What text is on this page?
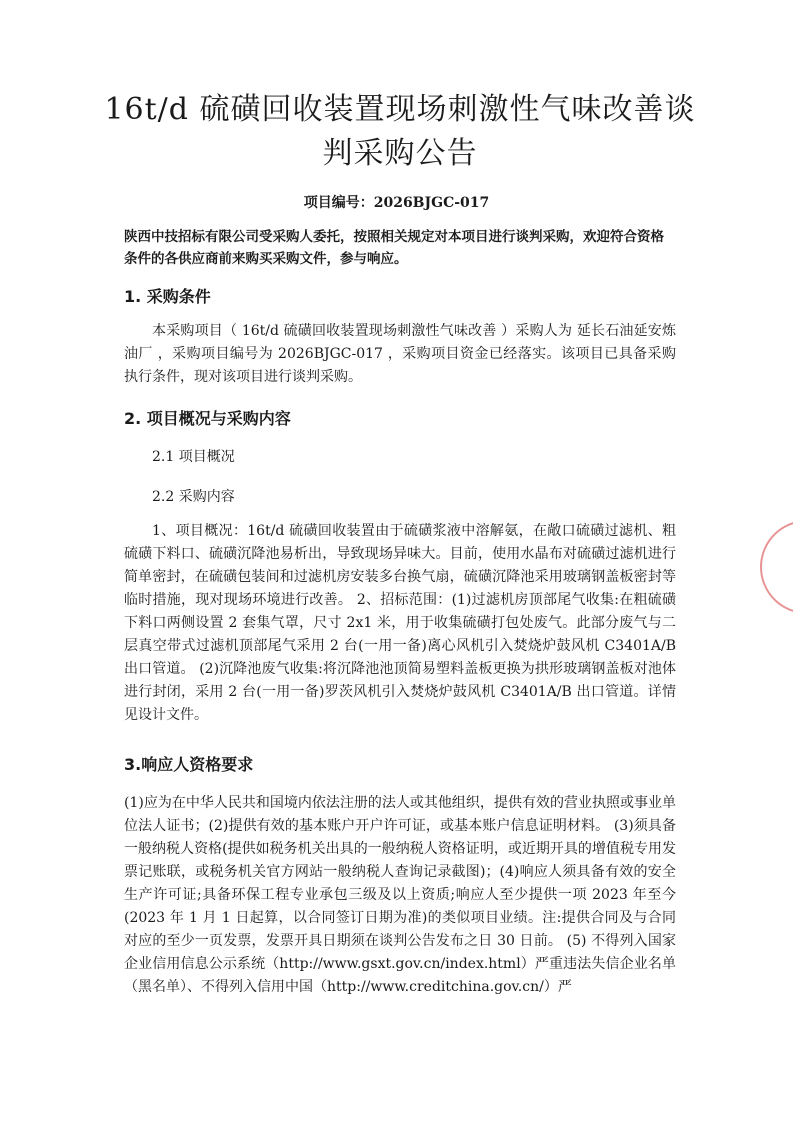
16t/d 硫磺回收装置现场刺激性气味改善谈判采购公告
项目编号：2026BJGC-017
陕西中技招标有限公司受采购人委托，按照相关规定对本项目进行谈判采购，欢迎符合资格条件的各供应商前来购买采购文件，参与响应。
1. 采购条件
本采购项目（ 16t/d 硫磺回收装置现场刺激性气味改善 ）采购人为 延长石油延安炼油厂 ，采购项目编号为 2026BJGC-017 ，采购项目资金已经落实。该项目已具备采购执行条件，现对该项目进行谈判采购。
2. 项目概况与采购内容
2.1 项目概况
2.2 采购内容
1、项目概况：16t/d 硫磺回收装置由于硫磺浆液中溶解氨，在敞口硫磺过滤机、粗硫磺下料口、硫磺沉降池易析出，导致现场异味大。目前，使用水晶布对硫磺过滤机进行简单密封，在硫磺包装间和过滤机房安装多台换气扇，硫磺沉降池采用玻璃钢盖板密封等临时措施，现对现场环境进行改善。 2、招标范围：(1)过滤机房顶部尾气收集:在粗硫磺下料口两侧设置 2 套集气罩，尺寸 2x1 米，用于收集硫磺打包处废气。此部分废气与二层真空带式过滤机顶部尾气采用 2 台(一用一备)离心风机引入焚烧炉鼓风机 C3401A/B 出口管道。 (2)沉降池废气收集:将沉降池池顶简易塑料盖板更换为拱形玻璃钢盖板对池体进行封闭，采用 2 台(一用一备)罗茨风机引入焚烧炉鼓风机 C3401A/B 出口管道。详情见设计文件。
3.响应人资格要求
(1)应为在中华人民共和国境内依法注册的法人或其他组织，提供有效的营业执照或事业单位法人证书；(2)提供有效的基本账户开户许可证，或基本账户信息证明材料。 (3)须具备一般纳税人资格(提供如税务机关出具的一般纳税人资格证明，或近期开具的增值税专用发票记账联，或税务机关官方网站一般纳税人查询记录截图)；(4)响应人须具备有效的安全生产许可证;具备环保工程专业承包三级及以上资质;响应人至少提供一项 2023 年至今(2023 年 1 月 1 日起算，以合同签订日期为准)的类似项目业绩。注:提供合同及与合同对应的至少一页发票，发票开具日期须在谈判公告发布之日 30 日前。 (5) 不得列入国家企业信用信息公示系统（http://www.gsxt.gov.cn/index.html）严重违法失信企业名单（黑名单）、不得列入信用中国（http://www.creditchina.gov.cn/）严
